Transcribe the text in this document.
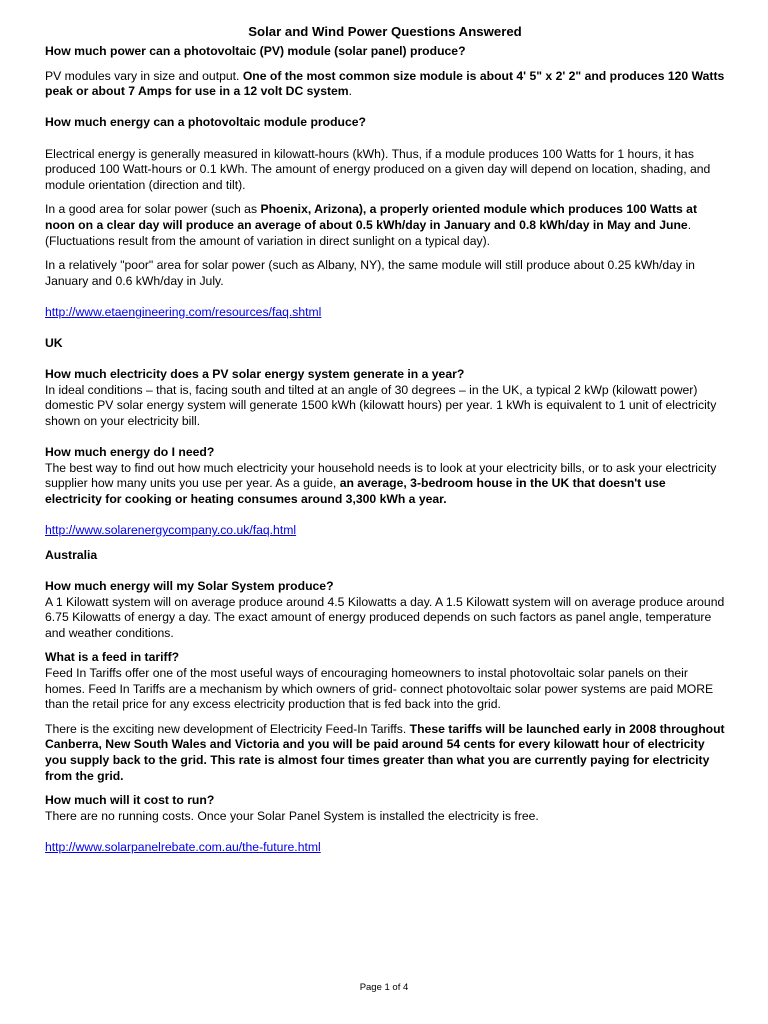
Solar and Wind Power Questions Answered

How much power can a photovoltaic (PV) module (solar panel) produce?

PV modules vary in size and output. One of the most common size module is about 4' 5" x 2' 2" and produces 120 Watts peak or about 7 Amps for use in a 12 volt DC system.

How much energy can a photovoltaic module produce?

Electrical energy is generally measured in kilowatt-hours (kWh). Thus, if a module produces 100 Watts for 1 hours, it has produced 100 Watt-hours or 0.1 kWh. The amount of energy produced on a given day will depend on location, shading, and module orientation (direction and tilt).

In a good area for solar power (such as Phoenix, Arizona), a properly oriented module which produces 100 Watts at noon on a clear day will produce an average of about 0.5 kWh/day in January and 0.8 kWh/day in May and June. (Fluctuations result from the amount of variation in direct sunlight on a typical day).

In a relatively "poor" area for solar power (such as Albany, NY), the same module will still produce about 0.25 kWh/day in January and 0.6 kWh/day in July.

http://www.etaengineering.com/resources/faq.shtml

UK

How much electricity does a PV solar energy system generate in a year?

In ideal conditions – that is, facing south and tilted at an angle of 30 degrees – in the UK, a typical 2 kWp (kilowatt power) domestic PV solar energy system will generate 1500 kWh (kilowatt hours) per year. 1 kWh is equivalent to 1 unit of electricity shown on your electricity bill.

How much energy do I need?

The best way to find out how much electricity your household needs is to look at your electricity bills, or to ask your electricity supplier how many units you use per year. As a guide, an average, 3-bedroom house in the UK that doesn't use electricity for cooking or heating consumes around 3,300 kWh a year.

http://www.solarenergycompany.co.uk/faq.html

Australia

How much energy will my Solar System produce?

A 1 Kilowatt system will on average produce around 4.5 Kilowatts a day. A 1.5 Kilowatt system will on average produce around 6.75 Kilowatts of energy a day. The exact amount of energy produced depends on such factors as panel angle, temperature and weather conditions.

What is a feed in tariff?

Feed In Tariffs offer one of the most useful ways of encouraging homeowners to instal photovoltaic solar panels on their homes. Feed In Tariffs are a mechanism by which owners of grid- connect photovoltaic solar power systems are paid MORE than the retail price for any excess electricity production that is fed back into the grid.

There is the exciting new development of Electricity Feed-In Tariffs. These tariffs will be launched early in 2008 throughout Canberra, New South Wales and Victoria and you will be paid around 54 cents for every kilowatt hour of electricity you supply back to the grid. This rate is almost four times greater than what you are currently paying for electricity from the grid.

How much will it cost to run?

There are no running costs. Once your Solar Panel System is installed the electricity is free.

http://www.solarpanelrebate.com.au/the-future.html

Page 1 of 4
